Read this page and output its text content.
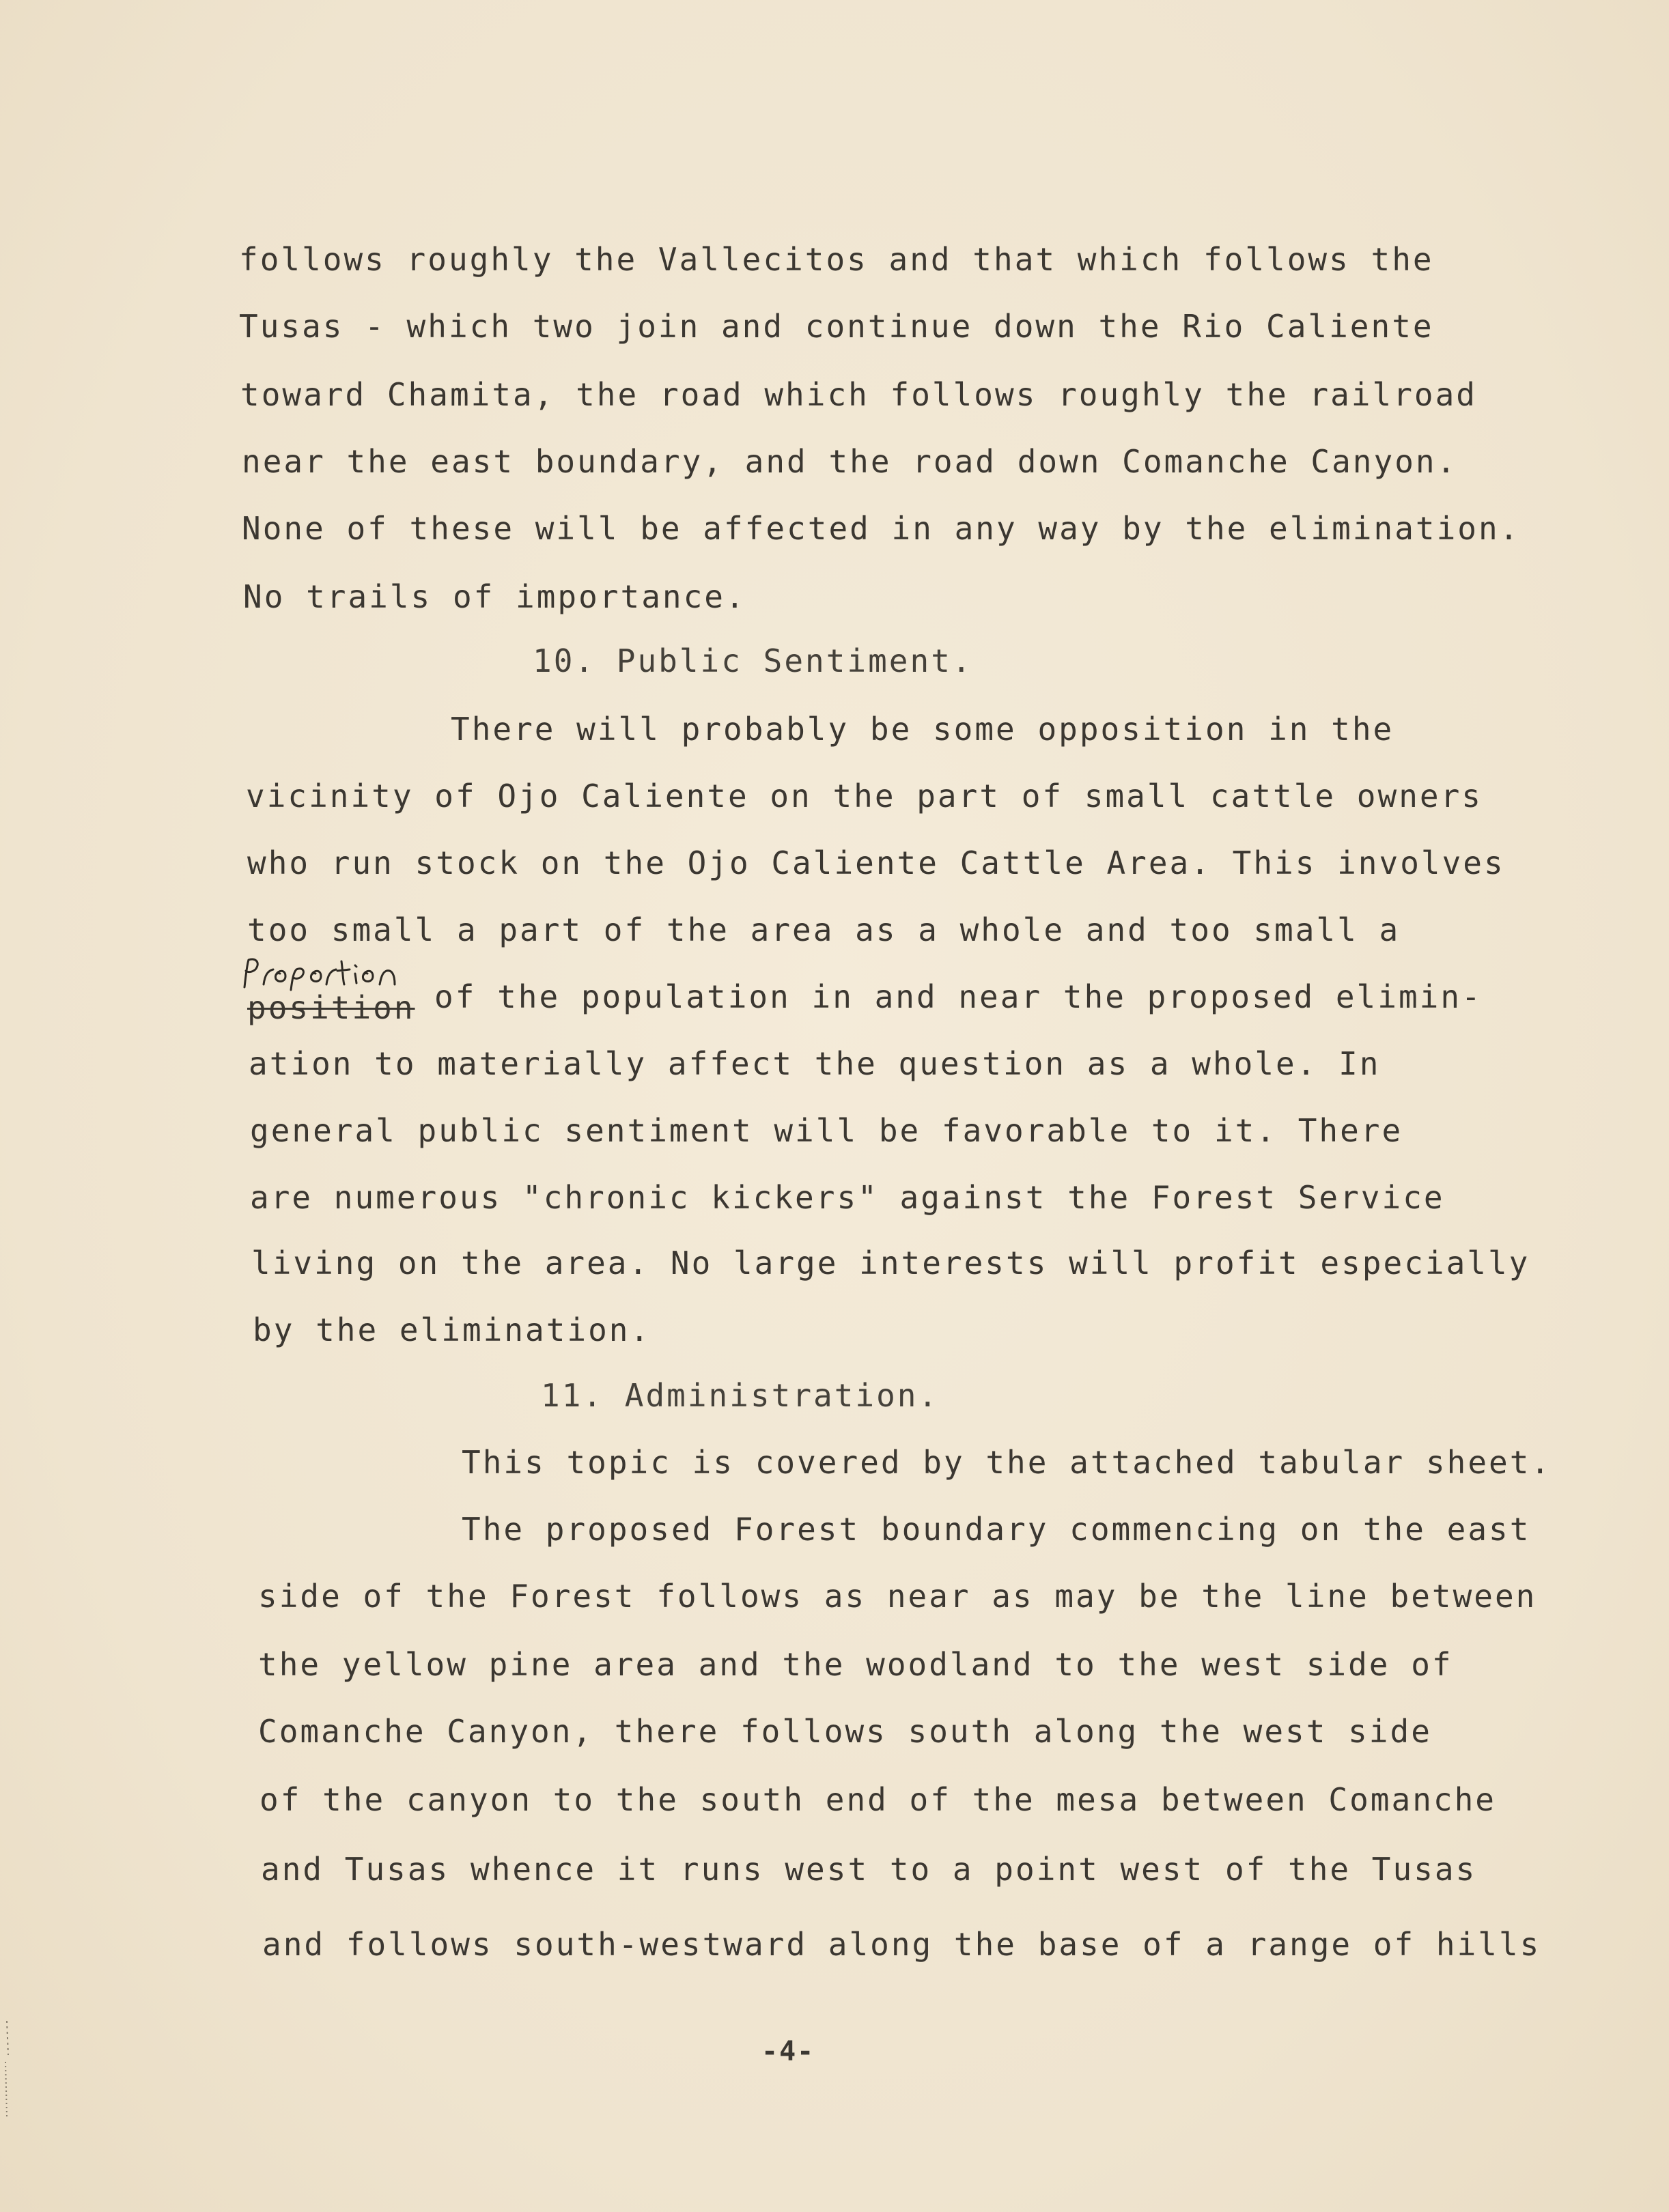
follows roughly the Vallecitos and that which follows the
Tusas - which two join and continue down the Rio Caliente
toward Chamita, the road which follows roughly the railroad
near the east boundary, and the road down Comanche Canyon.
None of these will be affected in any way by the elimination.
No trails of importance.
10. Public Sentiment.
There will probably be some opposition in the
vicinity of Ojo Caliente on the part of small cattle owners
who run stock on the Ojo Caliente Cattle Area. This involves
too small a part of the area as a whole and too small a
position of the population in and near the proposed elimin-
ation to materially affect the question as a whole. In
general public sentiment will be favorable to it. There
are numerous "chronic kickers" against the Forest Service
living on the area. No large interests will profit especially
by the elimination.
11. Administration.
This topic is covered by the attached tabular sheet.
The proposed Forest boundary commencing on the east
side of the Forest follows as near as may be the line between
the yellow pine area and the woodland to the west side of
Comanche Canyon, there follows south along the west side
of the canyon to the south end of the mesa between Comanche
and Tusas whence it runs west to a point west of the Tusas
and follows south-westward along the base of a range of hills
-4-
